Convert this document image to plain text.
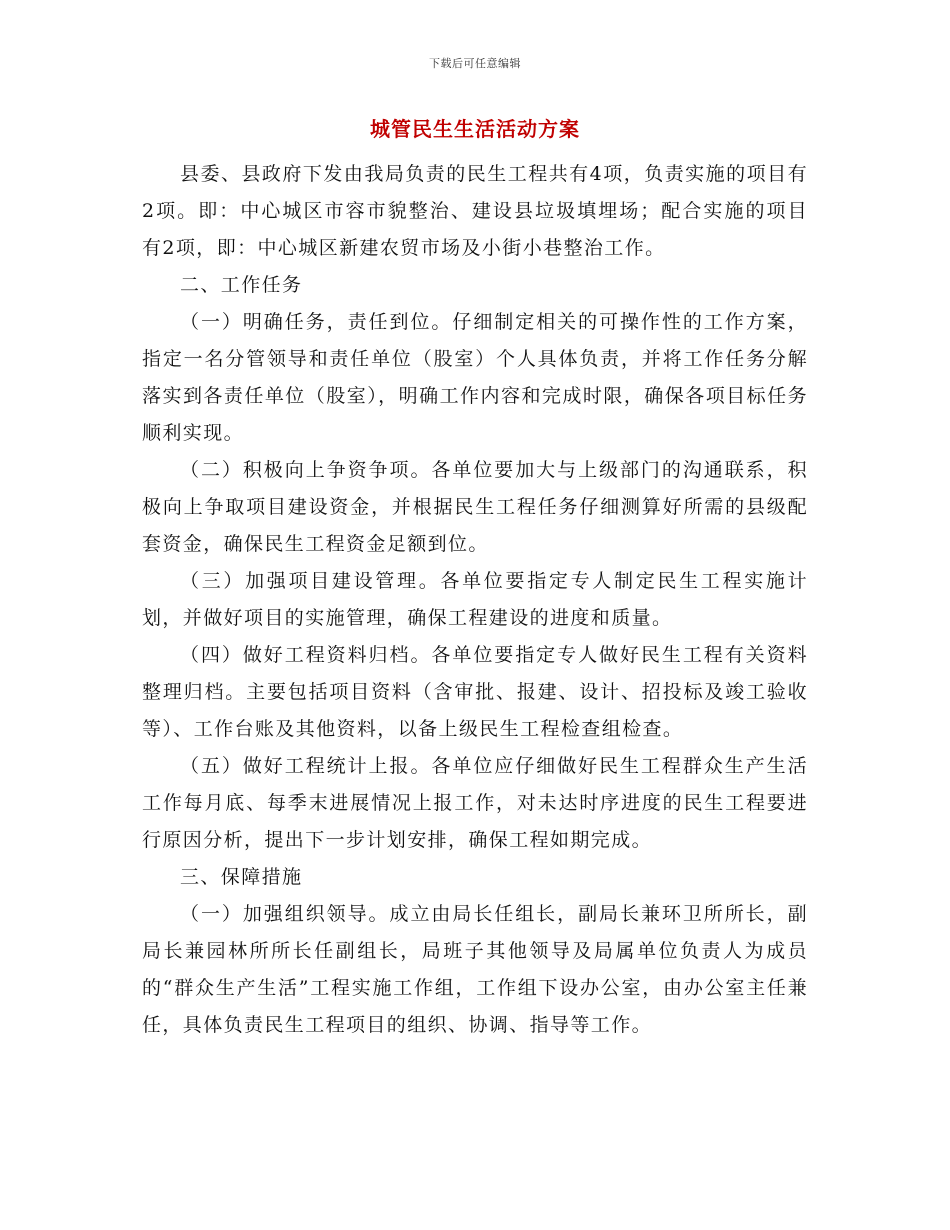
下载后可任意编辑
城管民生生活活动方案

县委、县政府下发由我局负责的民生工程共有4项，负责实施的项目有2项。即：中心城区市容市貌整治、建设县垃圾填埋场；配合实施的项目有2项，即：中心城区新建农贸市场及小街小巷整治工作。

二、工作任务

（一）明确任务，责任到位。仔细制定相关的可操作性的工作方案，指定一名分管领导和责任单位（股室）个人具体负责，并将工作任务分解落实到各责任单位（股室），明确工作内容和完成时限，确保各项目标任务顺利实现。

（二）积极向上争资争项。各单位要加大与上级部门的沟通联系，积极向上争取项目建设资金，并根据民生工程任务仔细测算好所需的县级配套资金，确保民生工程资金足额到位。

（三）加强项目建设管理。各单位要指定专人制定民生工程实施计划，并做好项目的实施管理，确保工程建设的进度和质量。

（四）做好工程资料归档。各单位要指定专人做好民生工程有关资料整理归档。主要包括项目资料（含审批、报建、设计、招投标及竣工验收等）、工作台账及其他资料，以备上级民生工程检查组检查。

（五）做好工程统计上报。各单位应仔细做好民生工程群众生产生活工作每月底、每季末进展情况上报工作，对未达时序进度的民生工程要进行原因分析，提出下一步计划安排，确保工程如期完成。

三、保障措施

（一）加强组织领导。成立由局长任组长，副局长兼环卫所所长，副局长兼园林所所长任副组长，局班子其他领导及局属单位负责人为成员的“群众生产生活”工程实施工作组，工作组下设办公室，由办公室主任兼任，具体负责民生工程项目的组织、协调、指导等工作。
